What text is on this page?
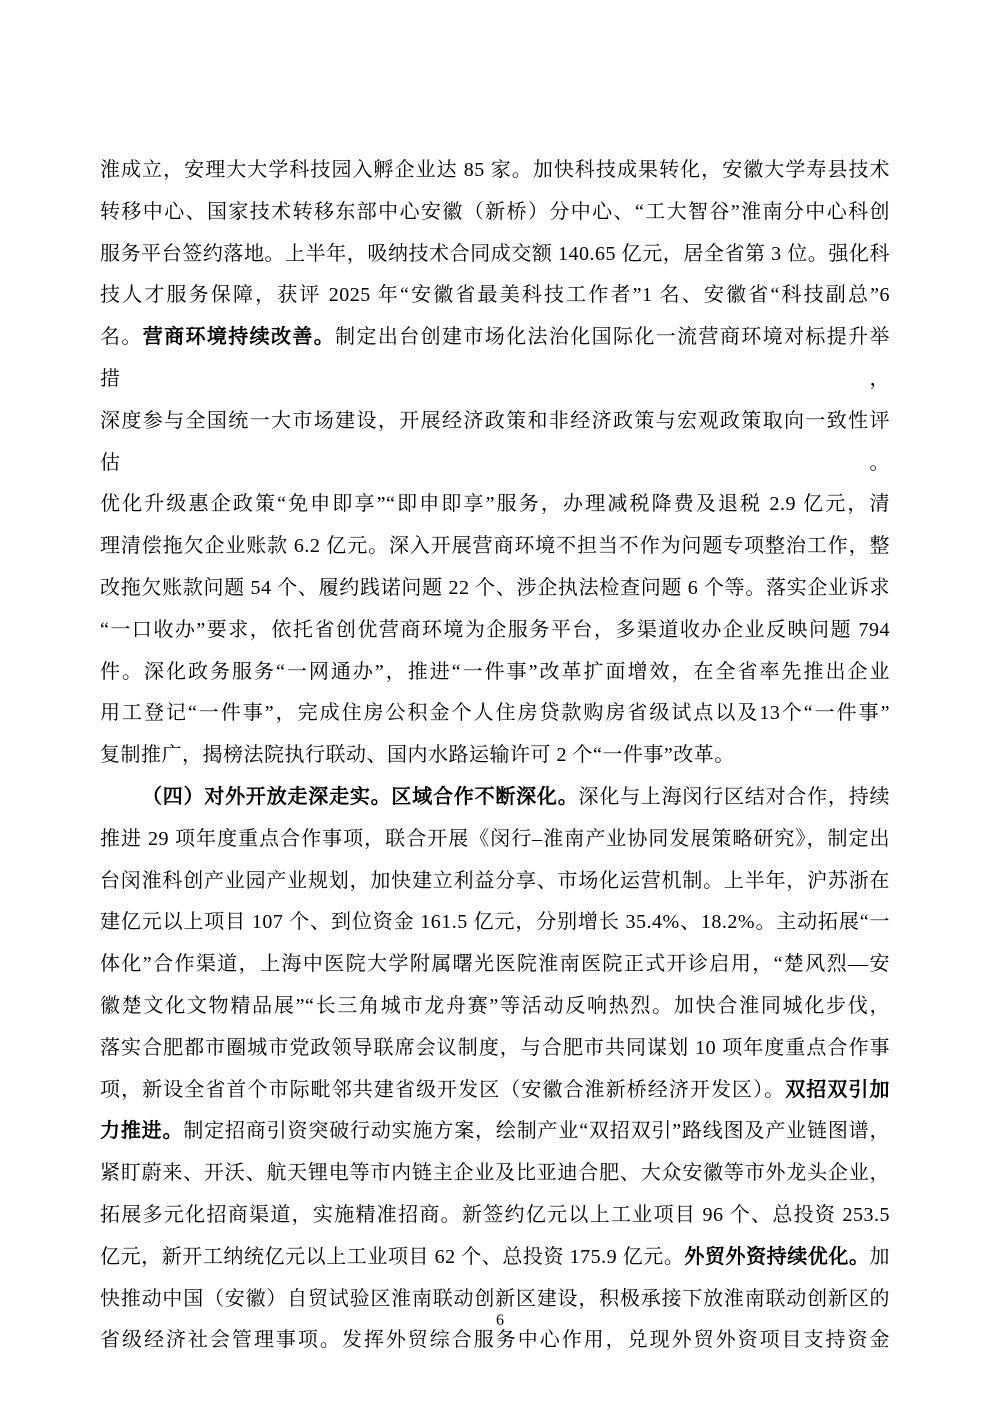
淮成立，安理大大学科技园入孵企业达 85 家。加快科技成果转化，安徽大学寿县技术
转移中心、国家技术转移东部中心安徽（新桥）分中心、“工大智谷”淮南分中心科创
服务平台签约落地。上半年，吸纳技术合同成交额 140.65 亿元，居全省第 3 位。强化科
技人才服务保障，获评 2025 年“安徽省最美科技工作者”1 名、安徽省“科技副总”6
名。营商环境持续改善。制定出台创建市场化法治化国际化一流营商环境对标提升举措，
深度参与全国统一大市场建设，开展经济政策和非经济政策与宏观政策取向一致性评估。
优化升级惠企政策“免申即享”“即申即享”服务，办理减税降费及退税 2.9 亿元，清
理清偿拖欠企业账款 6.2 亿元。深入开展营商环境不担当不作为问题专项整治工作，整
改拖欠账款问题 54 个、履约践诺问题 22 个、涉企执法检查问题 6 个等。落实企业诉求
“一口收办”要求，依托省创优营商环境为企服务平台，多渠道收办企业反映问题 794
件。深化政务服务“一网通办”，推进“一件事”改革扩面增效，在全省率先推出企业
用工登记“一件事”，完成住房公积金个人住房贷款购房省级试点以及13个“一件事”
复制推广，揭榜法院执行联动、国内水路运输许可 2 个“一件事”改革。
（四）对外开放走深走实。区域合作不断深化。深化与上海闵行区结对合作，持续
推进 29 项年度重点合作事项，联合开展《闵行–淮南产业协同发展策略研究》，制定出
台闵淮科创产业园产业规划，加快建立利益分享、市场化运营机制。上半年，沪苏浙在
建亿元以上项目 107 个、到位资金 161.5 亿元，分别增长 35.4%、18.2%。主动拓展“一
体化”合作渠道，上海中医院大学附属曙光医院淮南医院正式开诊启用，“楚风烈—安
徽楚文化文物精品展”“长三角城市龙舟赛”等活动反响热烈。加快合淮同城化步伐，
落实合肥都市圈城市党政领导联席会议制度，与合肥市共同谋划 10 项年度重点合作事
项，新设全省首个市际毗邻共建省级开发区（安徽合淮新桥经济开发区）。双招双引加
力推进。制定招商引资突破行动实施方案，绘制产业“双招双引”路线图及产业链图谱，
紧盯蔚来、开沃、航天锂电等市内链主企业及比亚迪合肥、大众安徽等市外龙头企业，
拓展多元化招商渠道，实施精准招商。新签约亿元以上工业项目 96 个、总投资 253.5
亿元，新开工纳统亿元以上工业项目 62 个、总投资 175.9 亿元。外贸外资持续优化。加
快推动中国（安徽）自贸试验区淮南联动创新区建设，积极承接下放淮南联动创新区的
省级经济社会管理事项。发挥外贸综合服务中心作用，兑现外贸外资项目支持资金
6
